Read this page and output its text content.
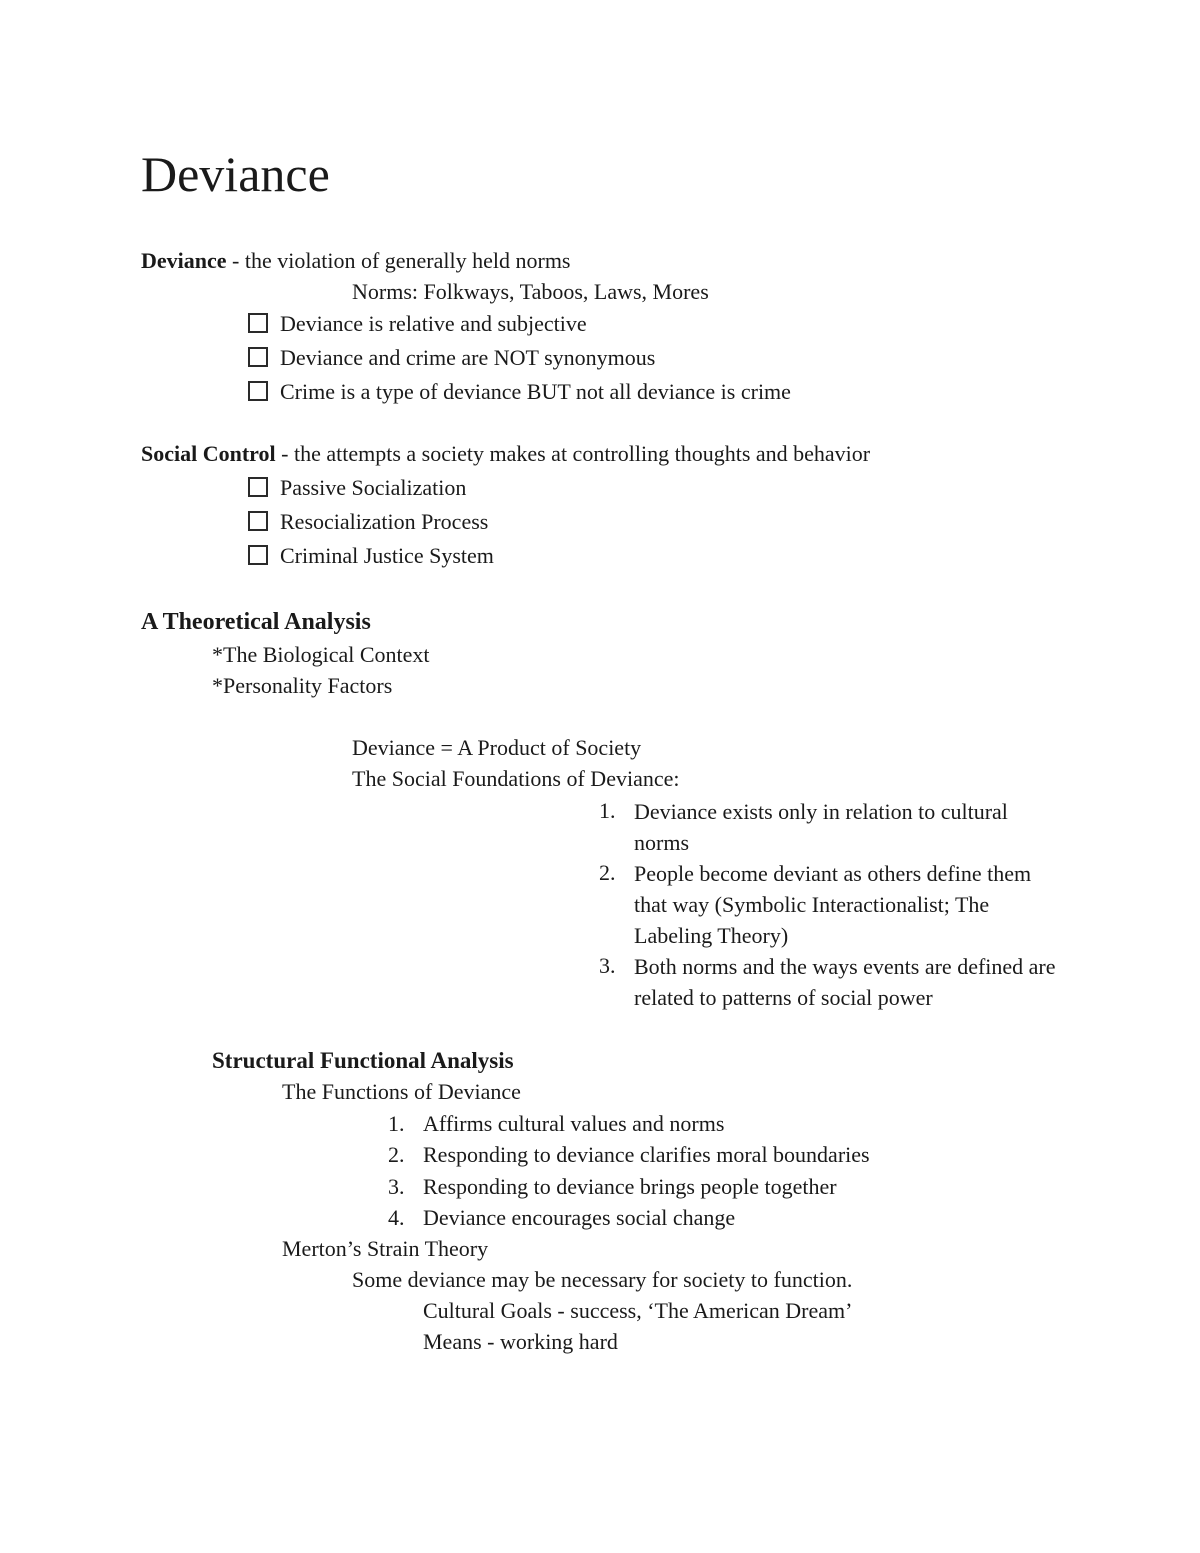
Deviance
Deviance - the violation of generally held norms
Norms: Folkways, Taboos, Laws, Mores
Deviance is relative and subjective
Deviance and crime are NOT synonymous
Crime is a type of deviance BUT not all deviance is crime
Social Control - the attempts a society makes at controlling thoughts and behavior
Passive Socialization
Resocialization Process
Criminal Justice System
A Theoretical Analysis
*The Biological Context
*Personality Factors
Deviance = A Product of Society
The Social Foundations of Deviance:
1. Deviance exists only in relation to cultural norms
2. People become deviant as others define them that way (Symbolic Interactionalist; The Labeling Theory)
3. Both norms and the ways events are defined are related to patterns of social power
Structural Functional Analysis
The Functions of Deviance
1. Affirms cultural values and norms
2. Responding to deviance clarifies moral boundaries
3. Responding to deviance brings people together
4. Deviance encourages social change
Merton’s Strain Theory
Some deviance may be necessary for society to function.
Cultural Goals - success, ‘The American Dream’
Means - working hard
